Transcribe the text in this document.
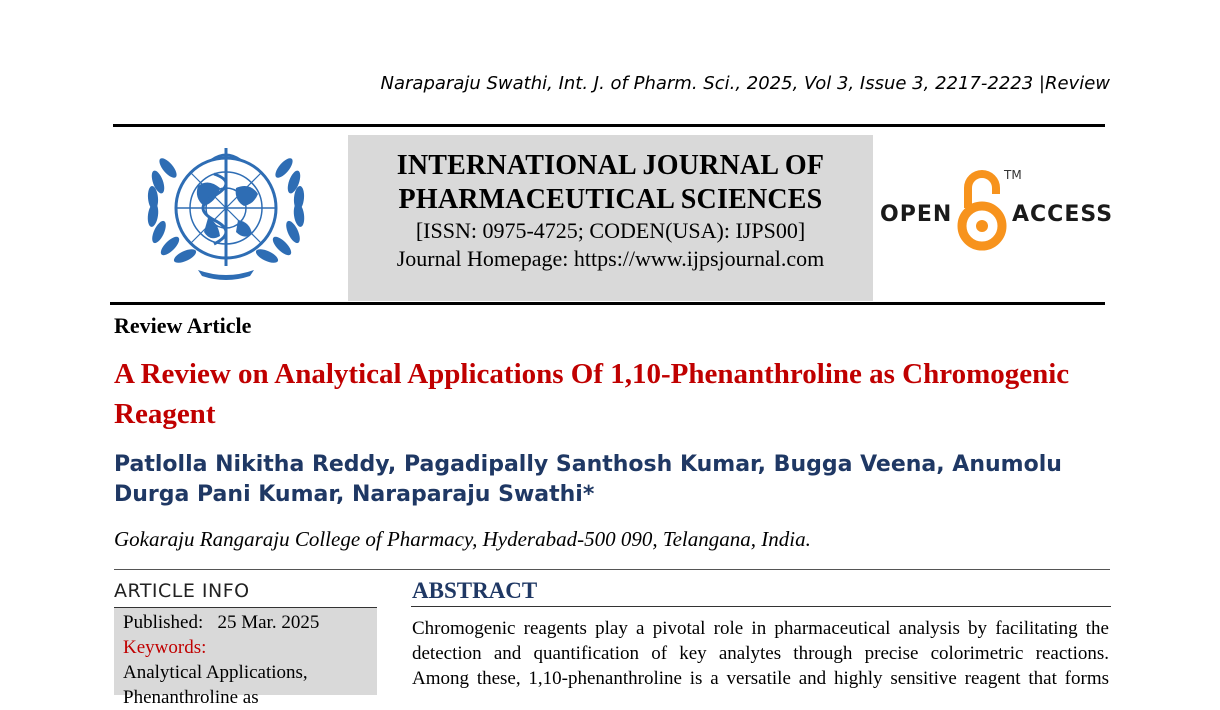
Naraparaju Swathi, Int. J. of Pharm. Sci., 2025, Vol 3, Issue 3, 2217-2223 |Review
INTERNATIONAL JOURNAL OF
PHARMACEUTICAL SCIENCES
[ISSN: 0975-4725; CODEN(USA): IJPS00]
Journal Homepage: https://www.ijpsjournal.com
OPEN
TM
ACCESS
Review Article
A Review on Analytical Applications Of 1,10-Phenanthroline as Chromogenic Reagent
Patlolla Nikitha Reddy, Pagadipally Santhosh Kumar, Bugga Veena, Anumolu Durga Pani Kumar, Naraparaju Swathi*
Gokaraju Rangaraju College of Pharmacy, Hyderabad-500 090, Telangana, India.
ARTICLE INFO
Published: 25 Mar. 2025
Keywords:
Analytical Applications,
Phenanthroline as
ABSTRACT
Chromogenic reagents play a pivotal role in pharmaceutical analysis by facilitating the
detection and quantification of key analytes through precise colorimetric reactions.
Among these, 1,10-phenanthroline is a versatile and highly sensitive reagent that forms
